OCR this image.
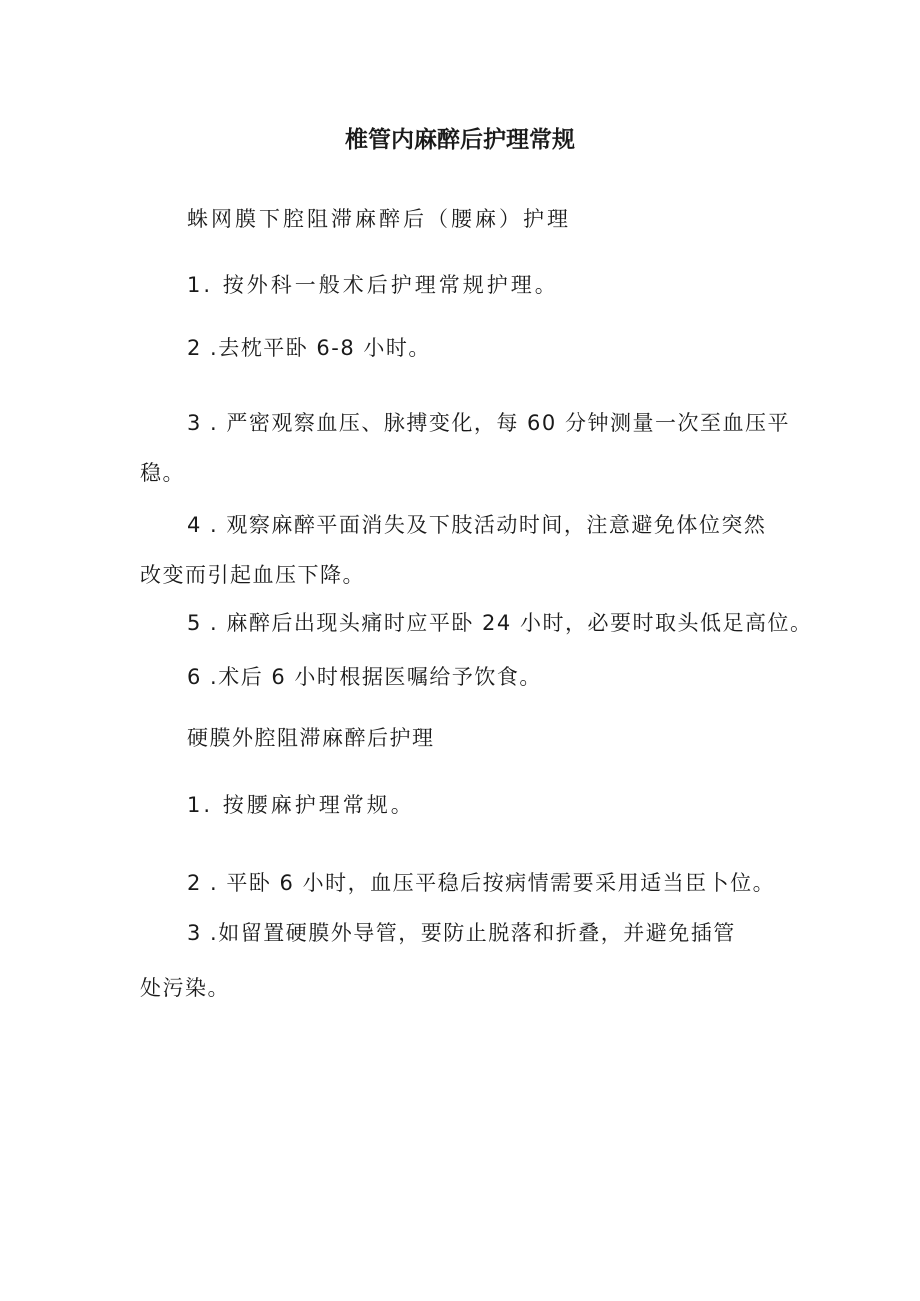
椎管内麻醉后护理常规
蛛网膜下腔阻滞麻醉后（腰麻）护理
1. 按外科一般术后护理常规护理。
2 .去枕平卧 6-8 小时。
3 . 严密观察血压、脉搏变化，每 60 分钟测量一次至血压平
稳。
4 . 观察麻醉平面消失及下肢活动时间，注意避免体位突然
改变而引起血压下降。
5 . 麻醉后出现头痛时应平卧 24 小时，必要时取头低足高位。
6 .术后 6 小时根据医嘱给予饮食。
硬膜外腔阻滞麻醉后护理
1. 按腰麻护理常规。
2 . 平卧 6 小时，血压平稳后按病情需要采用适当臣卜位。
3 .如留置硬膜外导管，要防止脱落和折叠，并避免插管
处污染。
